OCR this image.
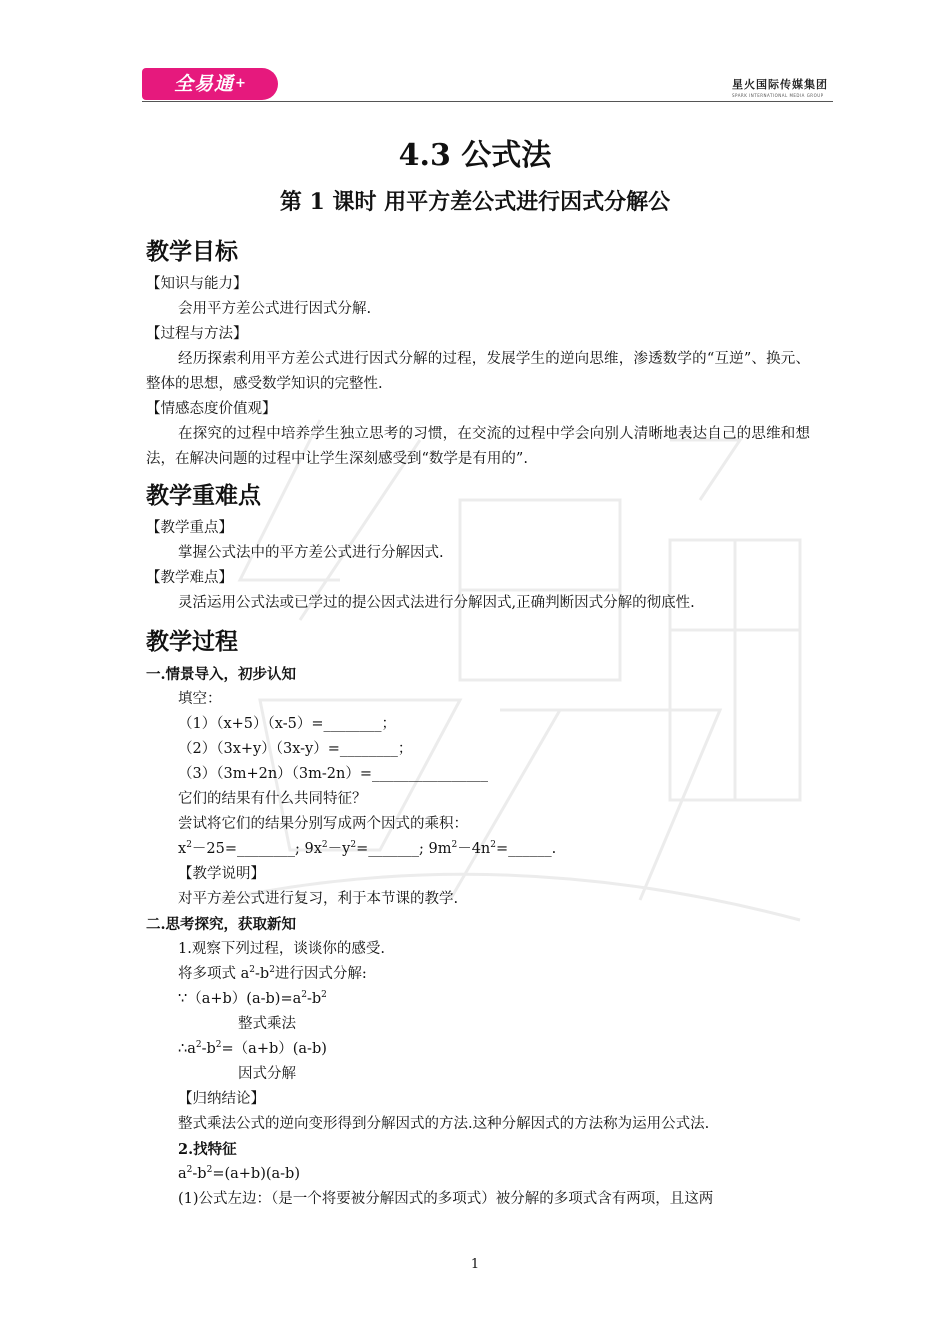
全易通+	星火国际传媒集团
SPARK INTERNATIONAL MEDIA GROUP
4.3 公式法
第 1 课时 用平方差公式进行因式分解公

教学目标

【知识与能力】

会用平方差公式进行因式分解.

【过程与方法】

经历探索利用平方差公式进行因式分解的过程，发展学生的逆向思维，渗透数学的“互逆”、换元、整体的思想，感受数学知识的完整性.

【情感态度价值观】

在探究的过程中培养学生独立思考的习惯，在交流的过程中学会向别人清晰地表达自己的思维和想法，在解决问题的过程中让学生深刻感受到“数学是有用的”.

教学重难点

【教学重点】

掌握公式法中的平方差公式进行分解因式.

【教学难点】

灵活运用公式法或已学过的提公因式法进行分解因式,正确判断因式分解的彻底性.

教学过程

一.情景导入，初步认知

填空：

（1）（x+5）（x-5）=________；

（2）（3x+y）（3x-y）=________；

（3）（3m+2n）（3m-2n）=________________

它们的结果有什么共同特征？

尝试将它们的结果分别写成两个因式的乘积：

$x^2-25=\_\_\_\_\_\_\_\_$; $9x^2-y^2=\_\_\_\_\_\_\_$; $9m^2-4n^2=\_\_\_\_\_\_$.

【教学说明】

对平方差公式进行复习，利于本节课的教学.

二.思考探究，获取新知

1.观察下列过程，谈谈你的感受.

将多项式 $a^2-b^2$进行因式分解:

$\because(a+b)(a-b)=a^2-b^2$

整式乘法

$\therefore a^2-b^2=(a+b)(a-b)$

因式分解

【归纳结论】

整式乘法公式的逆向变形得到分解因式的方法.这种分解因式的方法称为运用公式法.

2.找特征

$a^2-b^2=(a+b)(a-b)$

(1)公式左边：（是一个将要被分解因式的多项式）被分解的多项式含有两项，且这两

1
